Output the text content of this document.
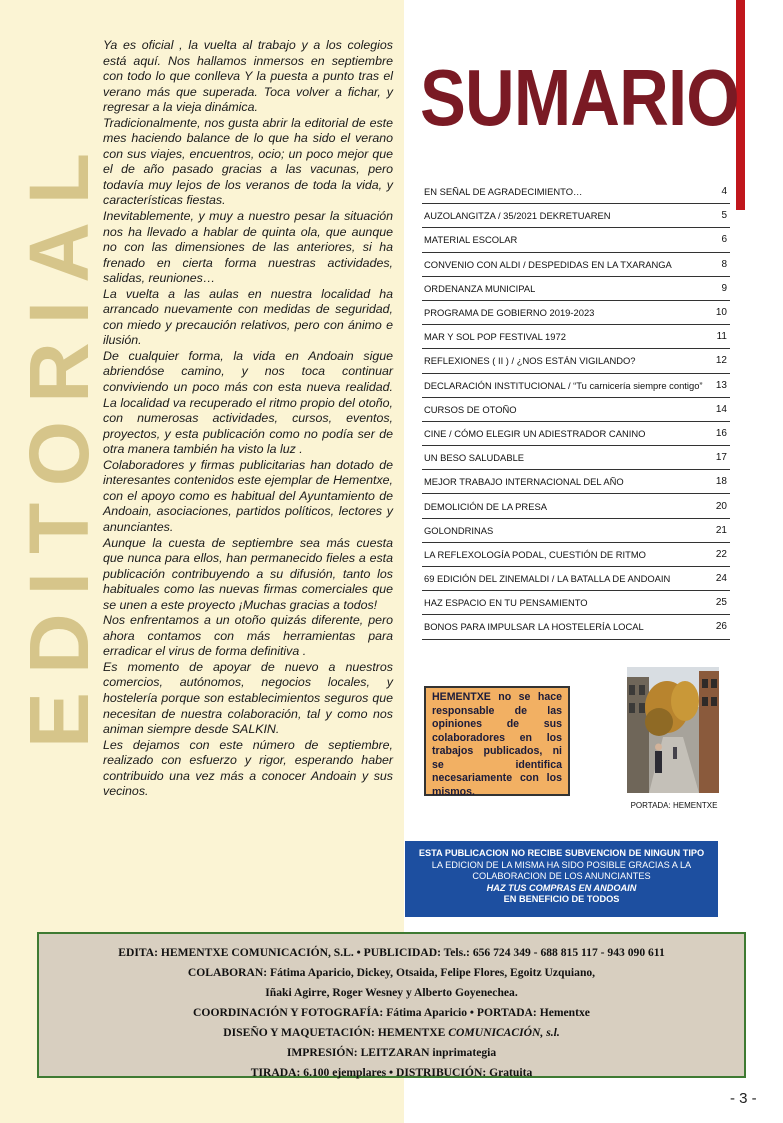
EDITORIAL

Ya es oficial , la vuelta al trabajo y a los colegios está aquí. Nos hallamos inmersos en septiembre con todo lo que conlleva Y la puesta a punto tras el verano más que superada. Toca volver a fichar, y regresar a la vieja dinámica.

Tradicionalmente, nos gusta abrir la editorial de este mes haciendo balance de lo que ha sido el verano con sus viajes, encuentros, ocio; un poco mejor que el de año pasado gracias a las vacunas, pero todavía muy lejos de los veranos de toda la vida, y características fiestas.

Inevitablemente, y muy a nuestro pesar la situación nos ha llevado a hablar de quinta ola, que aunque no con las dimensiones de las anteriores, si ha frenado en cierta forma nuestras actividades, salidas, reuniones…

La vuelta a las aulas en nuestra localidad ha arrancado nuevamente con medidas de seguridad, con miedo y precaución relativos, pero con ánimo e ilusión.

De cualquier forma, la vida en Andoain sigue abriendóse camino, y nos toca continuar conviviendo un poco más con esta nueva realidad. La localidad va recuperado el ritmo propio del otoño, con numerosas actividades, cursos, eventos, proyectos, y esta publicación como no podía ser de otra manera también ha visto la luz .

Colaboradores y firmas publicitarias han dotado de interesantes contenidos este ejemplar de Hementxe, con el apoyo como es habitual del Ayuntamiento de Andoain, asociaciones, partidos políticos, lectores y anunciantes.

Aunque la cuesta de septiembre sea más cuesta que nunca para ellos, han permanecido fieles a esta publicación contribuyendo a su difusión, tanto los habituales como las nuevas firmas comerciales que se unen a este proyecto ¡Muchas gracias a todos!

Nos enfrentamos a un otoño quizás diferente, pero ahora contamos con más herramientas para erradicar el virus de forma definitiva .

Es momento de apoyar de nuevo a nuestros comercios, autónomos, negocios locales, y hostelería porque son establecimientos seguros que necesitan de nuestra colaboración, tal y como nos animan siempre desde SALKIN.

Les dejamos con este número de septiembre, realizado con esfuerzo y rigor, esperando haber contribuido una vez más a conocer Andoain y sus vecinos.

SUMARIO
EN SEÑAL DE AGRADECIMIENTO…	4
AUZOLANGITZA / 35/2021 DEKRETUAREN	5
MATERIAL ESCOLAR	6
CONVENIO CON ALDI / DESPEDIDAS EN LA TXARANGA	8
ORDENANZA MUNICIPAL	9
PROGRAMA DE GOBIERNO 2019-2023	10
MAR Y SOL POP FESTIVAL 1972	11
REFLEXIONES ( II ) / ¿NOS ESTÁN VIGILANDO?	12
DECLARACIÓN INSTITUCIONAL / “Tu carnicería siempre contigo” 13
CURSOS DE OTOÑO	14
CINE / CÓMO ELEGIR UN ADIESTRADOR CANINO	16
UN BESO SALUDABLE	17
MEJOR TRABAJO INTERNACIONAL DEL AÑO	18
DEMOLICIÓN DE LA PRESA	20
GOLONDRINAS	21
LA REFLEXOLOGÍA PODAL, CUESTIÓN DE RITMO	22
69 EDICIÓN DEL ZINEMALDI / LA BATALLA DE ANDOAIN	24
HAZ ESPACIO EN TU PENSAMIENTO	25
BONOS PARA IMPULSAR LA HOSTELERÍA LOCAL	26
HEMENTXE no se hace responsable de las opiniones de sus colaboradores en los trabajos publicados, ni se identifica necesariamente con los mismos.
PORTADA: HEMENTXE
ESTA PUBLICACION NO RECIBE SUBVENCION DE NINGUN TIPO
LA EDICION DE LA MISMA HA SIDO POSIBLE GRACIAS A LA
COLABORACION DE LOS ANUNCIANTES
HAZ TUS COMPRAS EN ANDOAIN
EN BENEFICIO DE TODOS
EDITA: HEMENTXE COMUNICACIÓN, S.L. • PUBLICIDAD: Tels.: 656 724 349 - 688 815 117 - 943 090 611
COLABORAN: Fátima Aparicio, Dickey, Otsaida, Felipe Flores, Egoitz Uzquiano,
Iñaki Agirre, Roger Wesney y Alberto Goyenechea.
COORDINACIÓN Y FOTOGRAFÍA: Fátima Aparicio • PORTADA: Hementxe
DISEÑO Y MAQUETACIÓN: HEMENTXE COMUNICACIÓN, s.l.
IMPRESIÓN: LEITZARAN inprimategia
TIRADA: 6.100 ejemplares • DISTRIBUCIÓN: Gratuita
- 3 -
